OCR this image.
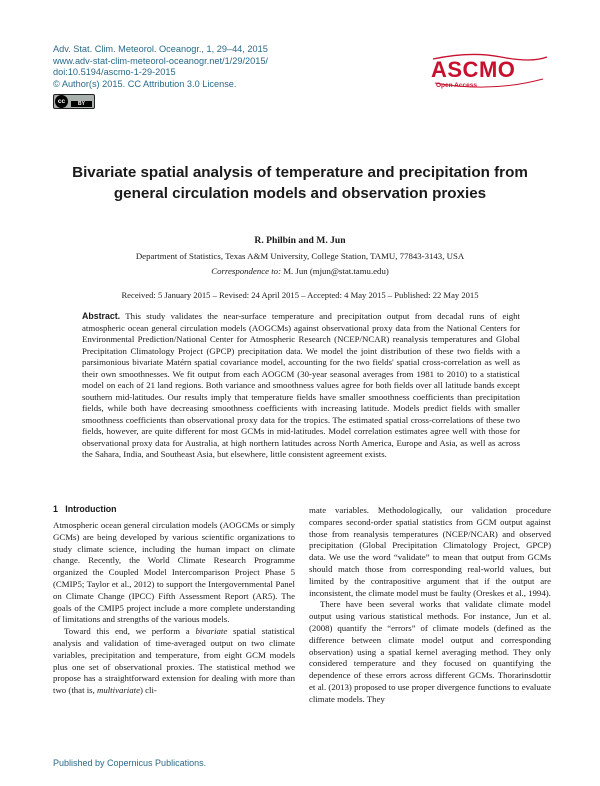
Adv. Stat. Clim. Meteorol. Oceanogr., 1, 29–44, 2015
www.adv-stat-clim-meteorol-oceanogr.net/1/29/2015/
doi:10.5194/ascmo-1-29-2015
© Author(s) 2015. CC Attribution 3.0 License.
cc	BY
ASCMO
Open Access
Bivariate spatial analysis of temperature and precipitation from general circulation models and observation proxies
R. Philbin and M. Jun
Department of Statistics, Texas A&M University, College Station, TAMU, 77843-3143, USA
Correspondence to: M. Jun (mjun@stat.tamu.edu)
Received: 5 January 2015 – Revised: 24 April 2015 – Accepted: 4 May 2015 – Published: 22 May 2015
Abstract. This study validates the near-surface temperature and precipitation output from decadal runs of eight atmospheric ocean general circulation models (AOGCMs) against observational proxy data from the National Centers for Environmental Prediction/National Center for Atmospheric Research (NCEP/NCAR) reanalysis temperatures and Global Precipitation Climatology Project (GPCP) precipitation data. We model the joint distribution of these two fields with a parsimonious bivariate Matérn spatial covariance model, accounting for the two fields' spatial cross-correlation as well as their own smoothnesses. We fit output from each AOGCM (30-year seasonal averages from 1981 to 2010) to a statistical model on each of 21 land regions. Both variance and smoothness values agree for both fields over all latitude bands except southern mid-latitudes. Our results imply that temperature fields have smaller smoothness coefficients than precipitation fields, while both have decreasing smoothness coefficients with increasing latitude. Models predict fields with smaller smoothness coefficients than observational proxy data for the tropics. The estimated spatial cross-correlations of these two fields, however, are quite different for most GCMs in mid-latitudes. Model correlation estimates agree well with those for observational proxy data for Australia, at high northern latitudes across North America, Europe and Asia, as well as across the Sahara, India, and Southeast Asia, but elsewhere, little consistent agreement exists.
1 Introduction

Atmospheric ocean general circulation models (AOGCMs or simply GCMs) are being developed by various scientific organizations to study climate science, including the human impact on climate change. Recently, the World Climate Research Programme organized the Coupled Model Intercomparison Project Phase 5 (CMIP5; Taylor et al., 2012) to support the Intergovernmental Panel on Climate Change (IPCC) Fifth Assessment Report (AR5). The goals of the CMIP5 project include a more complete understanding of limitations and strengths of the various models.

Toward this end, we perform a bivariate spatial statistical analysis and validation of time-averaged output on two climate variables, precipitation and temperature, from eight GCM models plus one set of observational proxies. The statistical method we propose has a straightforward extension for dealing with more than two (that is, multivariate) cli-

mate variables. Methodologically, our validation procedure compares second-order spatial statistics from GCM output against those from reanalysis temperatures (NCEP/NCAR) and observed precipitation (Global Precipitation Climatology Project, GPCP) data. We use the word “validate” to mean that output from GCMs should match those from corresponding real-world values, but limited by the contrapositive argument that if the output are inconsistent, the climate model must be faulty (Oreskes et al., 1994).

There have been several works that validate climate model output using various statistical methods. For instance, Jun et al. (2008) quantify the “errors” of climate models (defined as the difference between climate model output and corresponding observation) using a spatial kernel averaging method. They only considered temperature and they focused on quantifying the dependence of these errors across different GCMs. Thorarinsdottir et al. (2013) proposed to use proper divergence functions to evaluate climate models. They

Published by Copernicus Publications.
